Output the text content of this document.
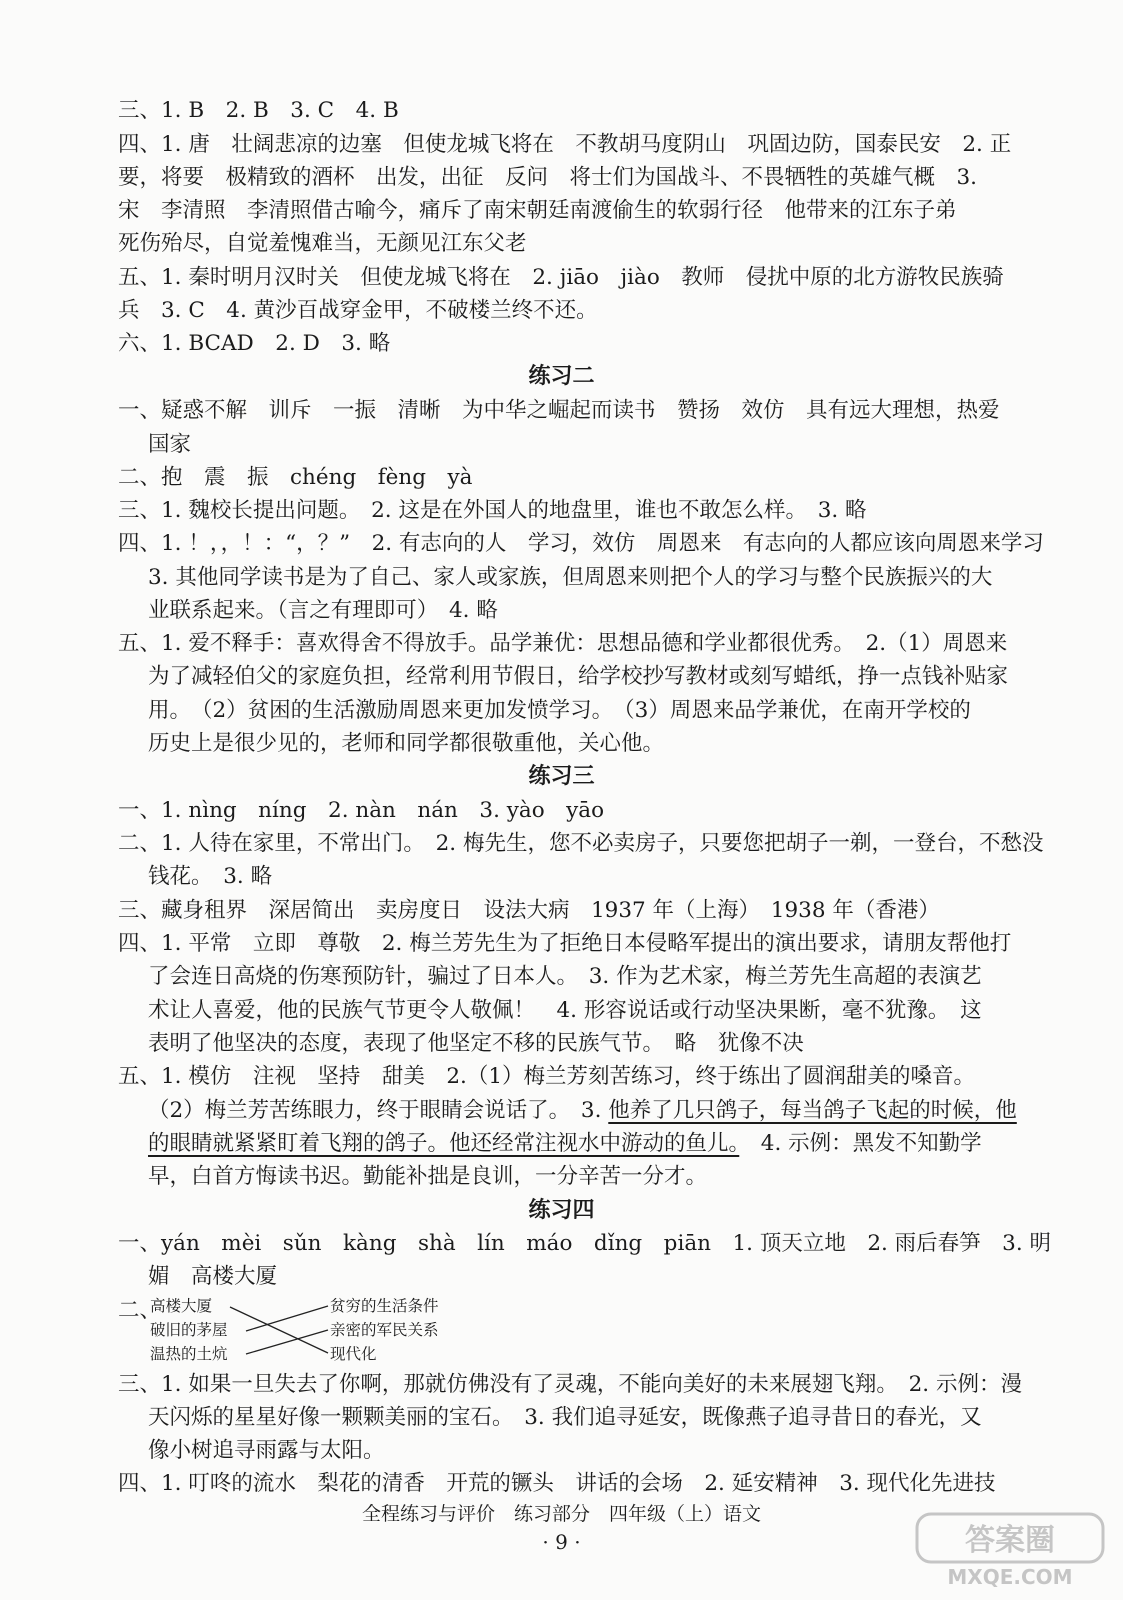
三、1. B　2. B　3. C　4. B
四、1. 唐　壮阔悲凉的边塞　但使龙城飞将在　不教胡马度阴山　巩固边防，国泰民安　2. 正
要，将要　极精致的酒杯　出发，出征　反问　将士们为国战斗、不畏牺牲的英雄气概　3.
宋　李清照　李清照借古喻今，痛斥了南宋朝廷南渡偷生的软弱行径　他带来的江东子弟
死伤殆尽，自觉羞愧难当，无颜见江东父老
五、1. 秦时明月汉时关　但使龙城飞将在　2. jiāo　jiào　教师　侵扰中原的北方游牧民族骑
兵　3. C　4. 黄沙百战穿金甲，不破楼兰终不还。
六、1. BCAD　2. D　3. 略
练习二
一、疑惑不解　训斥　一振　清晰　为中华之崛起而读书　赞扬　效仿　具有远大理想，热爱
国家
二、抱　震　振　chéng　fèng　yà
三、1. 魏校长提出问题。　2. 这是在外国人的地盘里，谁也不敢怎么样。　3. 略
四、1. ！，，！：“，？”　2. 有志向的人　学习，效仿　周恩来　有志向的人都应该向周恩来学习
3. 其他同学读书是为了自己、家人或家族，但周恩来则把个人的学习与整个民族振兴的大
业联系起来。（言之有理即可）　4. 略
五、1. 爱不释手：喜欢得舍不得放手。品学兼优：思想品德和学业都很优秀。　2.（1）周恩来
为了减轻伯父的家庭负担，经常利用节假日，给学校抄写教材或刻写蜡纸，挣一点钱补贴家
用。　（2）贫困的生活激励周恩来更加发愤学习。　（3）周恩来品学兼优，在南开学校的
历史上是很少见的，老师和同学都很敬重他，关心他。
练习三
一、1. nìng　níng　2. nàn　nán　3. yào　yāo
二、1. 人待在家里，不常出门。　2. 梅先生，您不必卖房子，只要您把胡子一剃，一登台，不愁没
钱花。　3. 略
三、藏身租界　深居简出　卖房度日　设法大病　1937 年（上海）　1938 年（香港）
四、1. 平常　立即　尊敬　2. 梅兰芳先生为了拒绝日本侵略军提出的演出要求，请朋友帮他打
了会连日高烧的伤寒预防针，骗过了日本人。　3. 作为艺术家，梅兰芳先生高超的表演艺
术让人喜爱，他的民族气节更令人敬佩！　4. 形容说话或行动坚决果断，毫不犹豫。　这
表明了他坚决的态度，表现了他坚定不移的民族气节。　略　犹像不决
五、1. 模仿　注视　坚持　甜美　2.（1）梅兰芳刻苦练习，终于练出了圆润甜美的嗓音。
（2）梅兰芳苦练眼力，终于眼睛会说话了。　3. 他养了几只鸽子，每当鸽子飞起的时候，他
的眼睛就紧紧盯着飞翔的鸽子。他还经常注视水中游动的鱼儿。　4. 示例：黑发不知勤学
早，白首方悔读书迟。勤能补拙是良训，一分辛苦一分才。
练习四
一、yán　mèi　sǔn　kàng　shà　lín　máo　dǐng　piān　1. 顶天立地　2. 雨后春笋　3. 明
媚　高楼大厦
二、
高楼大厦
破旧的茅屋
温热的土炕
贫穷的生活条件
亲密的军民关系
现代化
三、1. 如果一旦失去了你啊，那就仿佛没有了灵魂，不能向美好的未来展翅飞翔。　2. 示例：漫
天闪烁的星星好像一颗颗美丽的宝石。　3. 我们追寻延安，既像燕子追寻昔日的春光，又
像小树追寻雨露与太阳。
四、1. 叮咚的流水　梨花的清香　开荒的镢头　讲话的会场　2. 延安精神　3. 现代化先进技
全程练习与评价　练习部分　四年级（上）语文
· 9 ·	答案圈
MXQE.COM
